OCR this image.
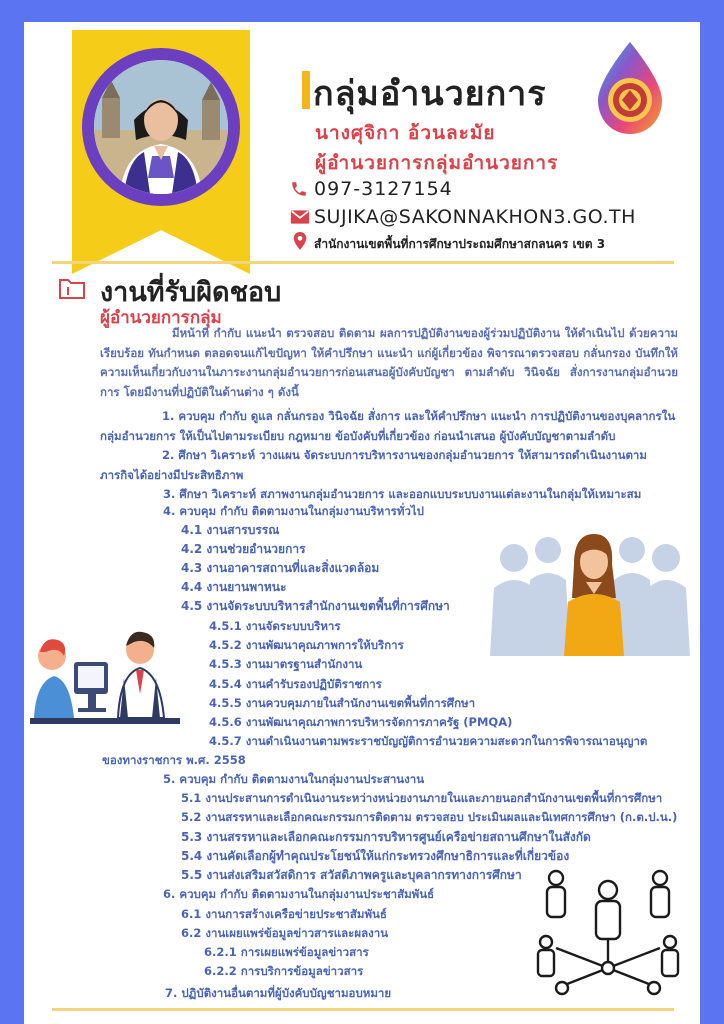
กลุ่มอำนวยการ
นางศุจิกา อ้วนละมัย
ผู้อำนวยการกลุ่มอำนวยการ
097-3127154
SUJIKA@SAKONNAKHON3.GO.TH
สำนักงานเขตพื้นที่การศึกษาประถมศึกษาสกลนคร เขต 3
งานที่รับผิดชอบ
ผู้อำนวยการกลุ่ม

มีหน้าที่ กำกับ แนะนำ ตรวจสอบ ติดตาม ผลการปฏิบัติงานของผู้ร่วมปฏิบัติงาน ให้ดำเนินไป ด้วยความเรียบร้อย ทันกำหนด ตลอดจนแก้ไขปัญหา ให้คำปรึกษา แนะนำ แก่ผู้เกี่ยวข้อง พิจารณาตรวจสอบ กลั่นกรอง บันทึกให้ความเห็นเกี่ยวกับงานในภาระงานกลุ่มอำนวยการก่อนเสนอผู้บังคับบัญชา ตามลำดับ วินิจฉัย สั่งการงานกลุ่มอำนวยการ โดยมีงานที่ปฏิบัติในด้านต่าง ๆ ดังนี้

1. ควบคุม กำกับ ดูแล กลั่นกรอง วินิจฉัย สั่งการ และให้คำปรึกษา แนะนำ การปฏิบัติงานของบุคลากรในกลุ่มอำนวยการ ให้เป็นไปตามระเบียบ กฎหมาย ข้อบังคับที่เกี่ยวข้อง ก่อนนำเสนอ ผู้บังคับบัญชาตามลำดับ
2. ศึกษา วิเคราะห์ วางแผน จัดระบบการบริหารงานของกลุ่มอำนวยการ ให้สามารถดำเนินงานตามภารกิจได้อย่างมีประสิทธิภาพ
3. ศึกษา วิเคราะห์ สภาพงานกลุ่มอำนวยการ และออกแบบระบบงานแต่ละงานในกลุ่มให้เหมาะสม
4. ควบคุม กำกับ ติดตามงานในกลุ่มงานบริหารทั่วไป
4.1 งานสารบรรณ
4.2 งานช่วยอำนวยการ
4.3 งานอาคารสถานที่และสิ่งแวดล้อม
4.4 งานยานพาหนะ
4.5 งานจัดระบบบริหารสำนักงานเขตพื้นที่การศึกษา
4.5.1 งานจัดระบบบริหาร
4.5.2 งานพัฒนาคุณภาพการให้บริการ
4.5.3 งานมาตรฐานสำนักงาน
4.5.4 งานคำรับรองปฏิบัติราชการ
4.5.5 งานควบคุมภายในสำนักงานเขตพื้นที่การศึกษา
4.5.6 งานพัฒนาคุณภาพการบริหารจัดการภาครัฐ (PMQA)
4.5.7 งานดำเนินงานตามพระราชบัญญัติการอำนวยความสะดวกในการพิจารณาอนุญาต
ของทางราชการ พ.ศ. 2558
5. ควบคุม กำกับ ติดตามงานในกลุ่มงานประสานงาน
5.1 งานประสานการดำเนินงานระหว่างหน่วยงานภายในและภายนอกสำนักงานเขตพื้นที่การศึกษา
5.2 งานสรรหาและเลือกคณะกรรมการติดตาม ตรวจสอบ ประเมินผลและนิเทศการศึกษา (ก.ต.ป.น.)
5.3 งานสรรหาและเลือกคณะกรรมการบริหารศูนย์เครือข่ายสถานศึกษาในสังกัด
5.4 งานคัดเลือกผู้ทำคุณประโยชน์ให้แก่กระทรวงศึกษาธิการและที่เกี่ยวข้อง
5.5 งานส่งเสริมสวัสดิการ สวัสดิภาพครูและบุคลากรทางการศึกษา
6. ควบคุม กำกับ ติดตามงานในกลุ่มงานประชาสัมพันธ์
6.1 งานการสร้างเครือข่ายประชาสัมพันธ์
6.2 งานเผยแพร่ข้อมูลข่าวสารและผลงาน
6.2.1 การเผยแพร่ข้อมูลข่าวสาร
6.2.2 การบริการข้อมูลข่าวสาร
7. ปฏิบัติงานอื่นตามที่ผู้บังคับบัญชามอบหมาย
